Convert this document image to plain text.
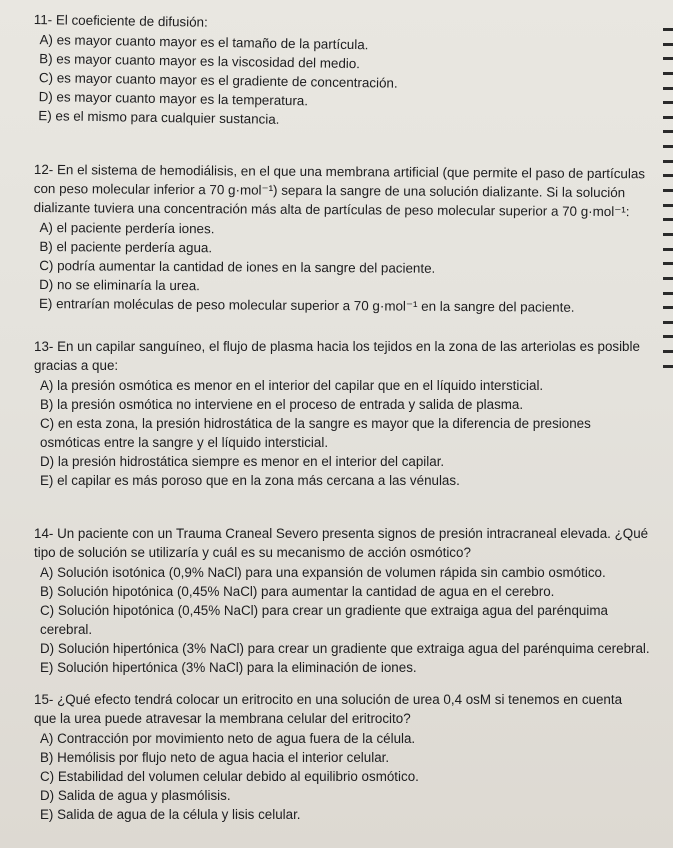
11- El coeficiente de difusión:
A) es mayor cuanto mayor es el tamaño de la partícula.
B) es mayor cuanto mayor es la viscosidad del medio.
C) es mayor cuanto mayor es el gradiente de concentración.
D) es mayor cuanto mayor es la temperatura.
E) es el mismo para cualquier sustancia.
12- En el sistema de hemodiálisis, en el que una membrana artificial (que permite el paso de partículas con peso molecular inferior a 70 g·mol⁻¹) separa la sangre de una solución dializante. Si la solución dializante tuviera una concentración más alta de partículas de peso molecular superior a 70 g·mol⁻¹:
A) el paciente perdería iones.
B) el paciente perdería agua.
C) podría aumentar la cantidad de iones en la sangre del paciente.
D) no se eliminaría la urea.
E) entrarían moléculas de peso molecular superior a 70 g·mol⁻¹ en la sangre del paciente.
13- En un capilar sanguíneo, el flujo de plasma hacia los tejidos en la zona de las arteriolas es posible gracias a que:
A) la presión osmótica es menor en el interior del capilar que en el líquido intersticial.
B) la presión osmótica no interviene en el proceso de entrada y salida de plasma.
C) en esta zona, la presión hidrostática de la sangre es mayor que la diferencia de presiones osmóticas entre la sangre y el líquido intersticial.
D) la presión hidrostática siempre es menor en el interior del capilar.
E) el capilar es más poroso que en la zona más cercana a las vénulas.
14- Un paciente con un Trauma Craneal Severo presenta signos de presión intracraneal elevada. ¿Qué tipo de solución se utilizaría y cuál es su mecanismo de acción osmótico?
A) Solución isotónica (0,9% NaCl) para una expansión de volumen rápida sin cambio osmótico.
B) Solución hipotónica (0,45% NaCl) para aumentar la cantidad de agua en el cerebro.
C) Solución hipotónica (0,45% NaCl) para crear un gradiente que extraiga agua del parénquima cerebral.
D) Solución hipertónica (3% NaCl) para crear un gradiente que extraiga agua del parénquima cerebral.
E) Solución hipertónica (3% NaCl) para la eliminación de iones.
15- ¿Qué efecto tendrá colocar un eritrocito en una solución de urea 0,4 osM si tenemos en cuenta que la urea puede atravesar la membrana celular del eritrocito?
A) Contracción por movimiento neto de agua fuera de la célula.
B) Hemólisis por flujo neto de agua hacia el interior celular.
C) Estabilidad del volumen celular debido al equilibrio osmótico.
D) Salida de agua y plasmólisis.
E) Salida de agua de la célula y lisis celular.
